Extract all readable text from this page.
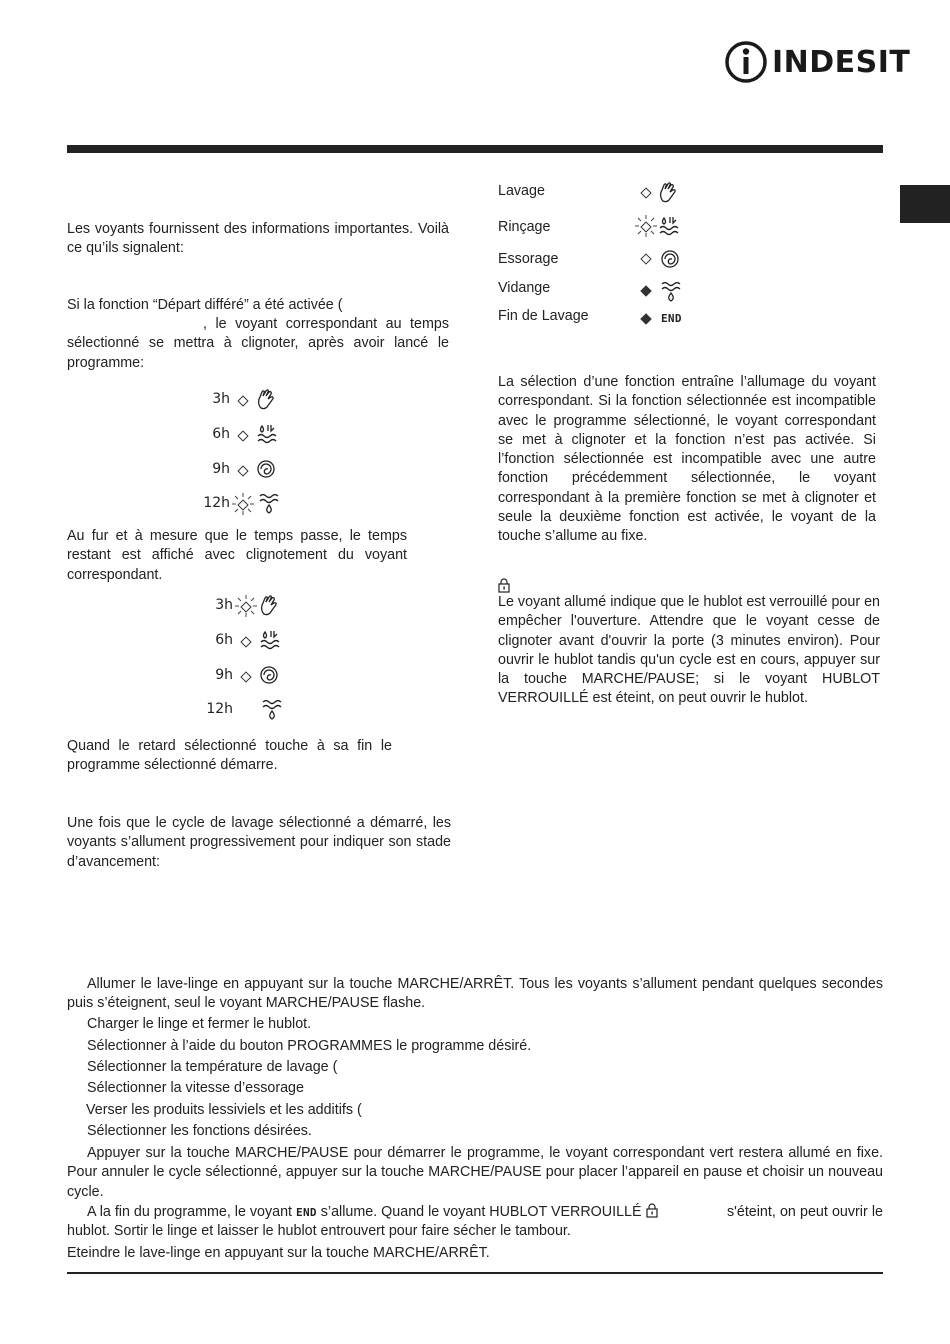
INDESIT
Les voyants fournissent des informations importantes. Voilà ce qu’ils signalent:
Si la fonction “Départ différé” a été activée (
, le voyant correspondant au temps sélectionné se mettra à clignoter, après avoir lancé le programme:
3h
6h
9h
12h
Au fur et à mesure que le temps passe, le temps restant est affiché avec clignotement du voyant correspondant.
3h
6h
9h
12h
Quand le retard sélectionné touche à sa fin le programme sélectionné démarre.
Une fois que le cycle de lavage sélectionné a démarré, les voyants s’allument progressivement pour indiquer son stade d’avancement:
Lavage
Rinçage
Essorage
Vidange
Fin de Lavage	END
La sélection d’une fonction entraîne l’allumage du voyant correspondant. Si la fonction sélectionnée est incompatible avec le programme sélectionné, le voyant correspondant se met à clignoter et la fonction n’est pas activée. Si l’fonction sélectionnée est incompatible avec une autre fonction précédemment sélectionnée, le voyant correspondant à la première fonction se met à clignoter et seule la deuxième fonction est activée, le voyant de la touche s’allume au fixe.
Le voyant allumé indique que le hublot est verrouillé pour en empêcher l'ouverture. Attendre que le voyant cesse de clignoter avant d'ouvrir la porte (3 minutes environ). Pour ouvrir le hublot tandis qu'un cycle est en cours, appuyer sur la touche MARCHE/PAUSE; si le voyant HUBLOT VERROUILLÉ est éteint, on peut ouvrir le hublot.
Allumer le lave-linge en appuyant sur la touche MARCHE/ARRÊT. Tous les voyants s’allument pendant quelques secondes puis s’éteignent, seul le voyant MARCHE/PAUSE flashe.
Charger le linge et fermer le hublot.
Sélectionner à l’aide du bouton PROGRAMMES le programme désiré.
Sélectionner la température de lavage (
Sélectionner la vitesse d’essorage
Verser les produits lessiviels et les additifs (
Sélectionner les fonctions désirées.
Appuyer sur la touche MARCHE/PAUSE pour démarrer le programme, le voyant correspondant vert restera allumé en fixe. Pour annuler le cycle sélectionné, appuyer sur la touche MARCHE/PAUSE pour placer l’appareil en pause et choisir un nouveau cycle.
A la fin du programme, le voyant END s’allume. Quand le voyant HUBLOT VERROUILLÉ	s'éteint, on peut ouvrir le hublot. Sortir le linge et laisser le hublot entrouvert pour faire sécher le tambour.
Eteindre le lave-linge en appuyant sur la touche MARCHE/ARRÊT.
